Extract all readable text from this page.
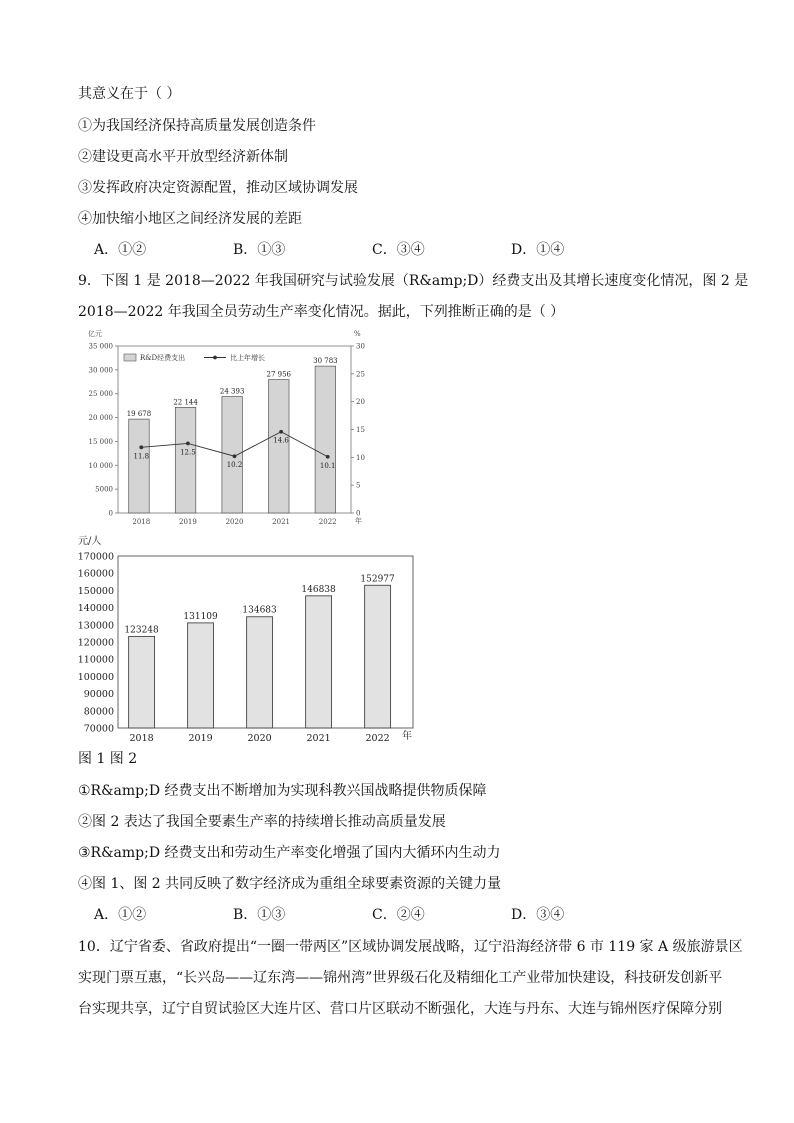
其意义在于（ ）
①为我国经济保持高质量发展创造条件
②建设更高水平开放型经济新体制
③发挥政府决定资源配置，推动区域协调发展
④加快缩小地区之间经济发展的差距
A．①②	B．①③	C．③④	D．①④
9．下图 1 是 2018—2022 年我国研究与试验发展（R&amp;D）经费支出及其增长速度变化情况，图 2 是
2018—2022 年我国全员劳动生产率变化情况。据此，下列推断正确的是（ ）
亿元	%
0
5000
10 000
15 000
20 000
25 000
30 000
35 000
0
5
10
15
20
25
30
19 678
22 144
24 393
27 956
30 783
11.8	12.5
10.2
14.6
10.1
2018	2019	2020	2021	2022	年
R&D经费支出	比上年增长
元/人
70000
80000
90000
100000
110000
120000
130000
140000
150000
160000
170000
123248
131109
134683
146838
152977
2018	2019	2020	2021	2022 年
图 1 图 2
①R&amp;D 经费支出不断增加为实现科教兴国战略提供物质保障
②图 2 表达了我国全要素生产率的持续增长推动高质量发展
③R&amp;D 经费支出和劳动生产率变化增强了国内大循环内生动力
④图 1、图 2 共同反映了数字经济成为重组全球要素资源的关键力量
A．①②	B．①③	C．②④	D．③④
10．辽宁省委、省政府提出“一圈一带两区”区域协调发展战略，辽宁沿海经济带 6 市 119 家 A 级旅游景区
实现门票互惠，“长兴岛——辽东湾——锦州湾”世界级石化及精细化工产业带加快建设，科技研发创新平
台实现共享，辽宁自贸试验区大连片区、营口片区联动不断强化，大连与丹东、大连与锦州医疗保障分别
